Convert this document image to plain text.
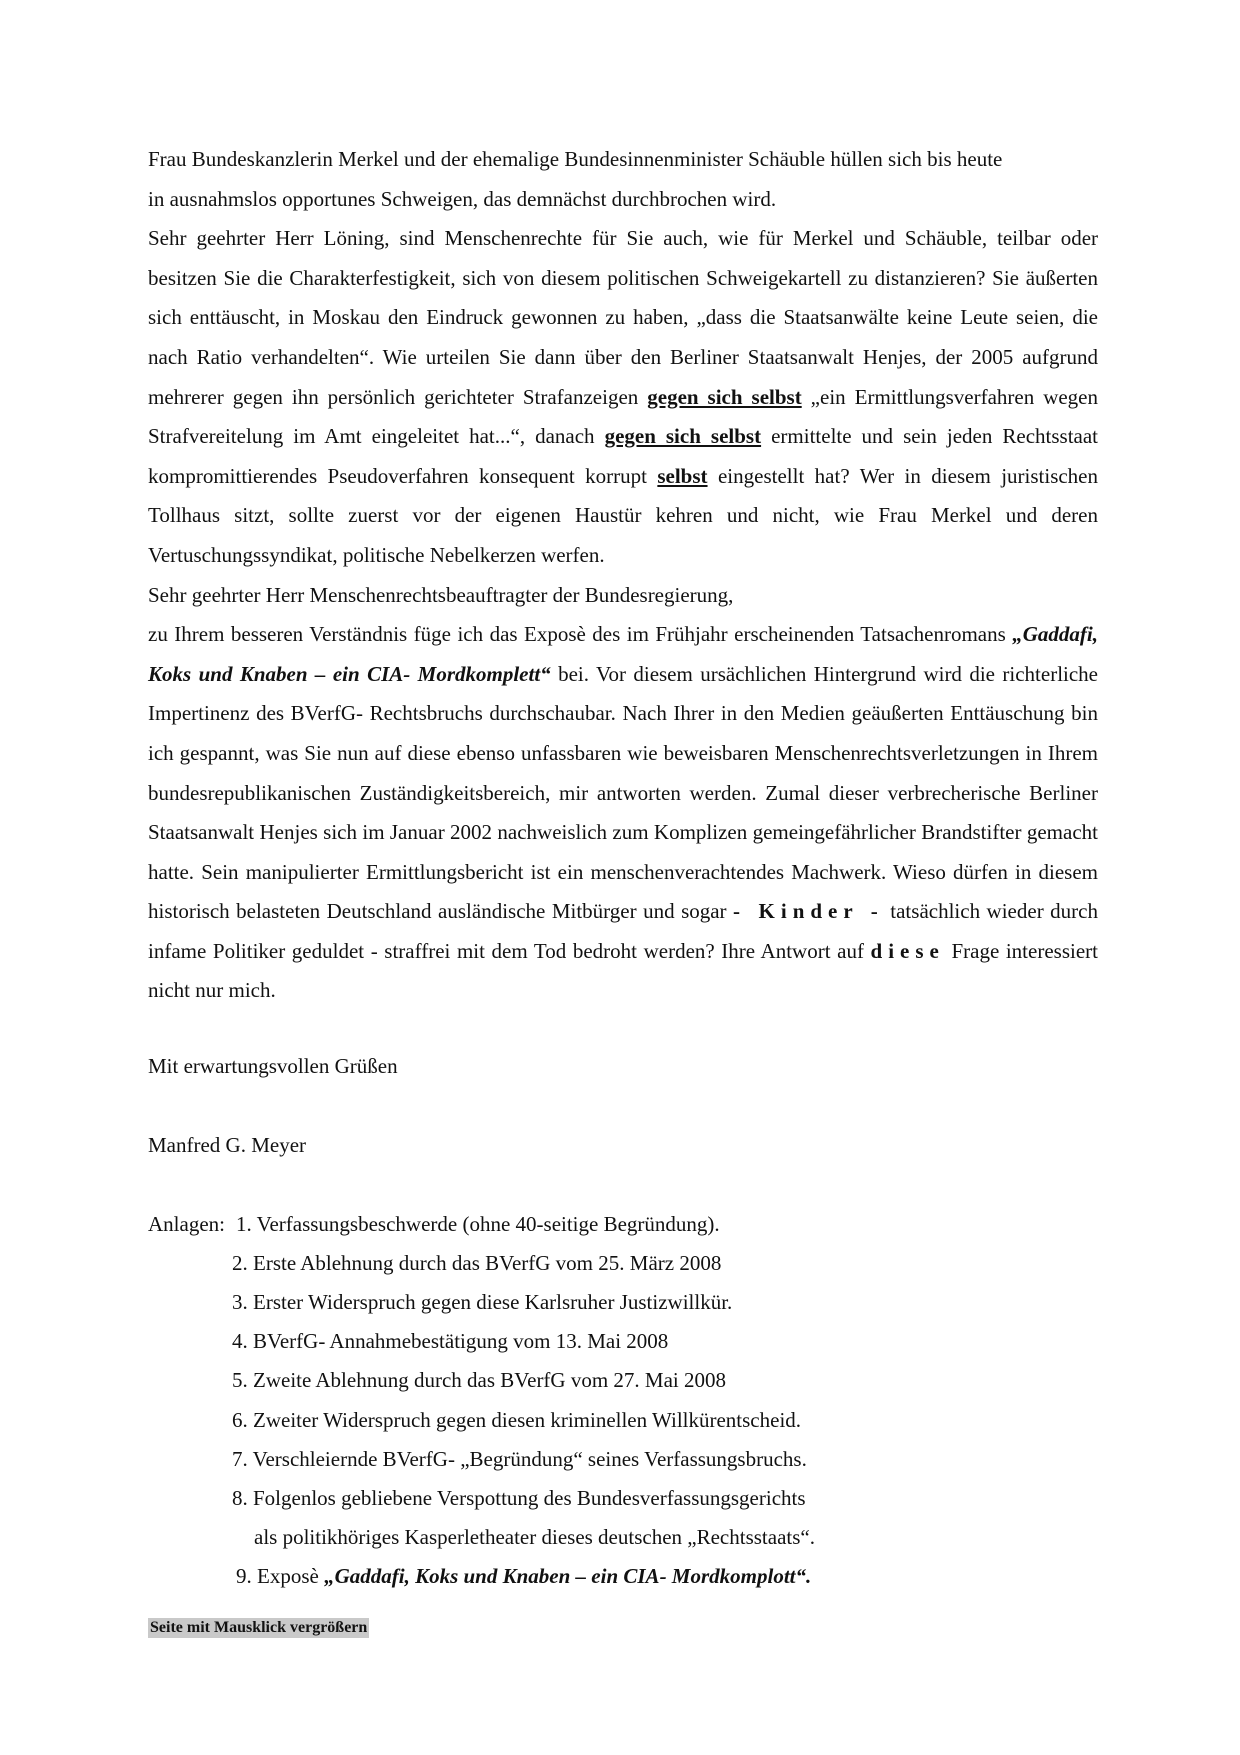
Frau Bundeskanzlerin Merkel und der ehemalige Bundesinnenminister Schäuble hüllen sich bis heute
in ausnahmslos opportunes Schweigen, das demnächst durchbrochen wird.

Sehr geehrter Herr Löning, sind Menschenrechte für Sie auch, wie für Merkel und Schäuble, teilbar oder besitzen Sie die Charakterfestigkeit, sich von diesem politischen Schweigekartell zu distanzieren? Sie äußerten sich enttäuscht, in Moskau den Eindruck gewonnen zu haben, „dass die Staatsanwälte keine Leute seien, die nach Ratio verhandelten“. Wie urteilen Sie dann über den Berliner Staatsanwalt Henjes, der 2005 aufgrund mehrerer gegen ihn persönlich gerichteter Strafanzeigen gegen sich selbst „ein Ermittlungsverfahren wegen Strafvereitelung im Amt eingeleitet hat...“, danach gegen sich selbst ermittelte und sein jeden Rechtsstaat kompromittierendes Pseudoverfahren konsequent korrupt selbst eingestellt hat? Wer in diesem juristischen Tollhaus sitzt, sollte zuerst vor der eigenen Haustür kehren und nicht, wie Frau Merkel und deren Vertuschungssyndikat, politische Nebelkerzen werfen.

Sehr geehrter Herr Menschenrechtsbeauftragter der Bundesregierung,

zu Ihrem besseren Verständnis füge ich das Exposè des im Frühjahr erscheinenden Tatsachenromans „Gaddafi, Koks und Knaben – ein CIA- Mordkomplett“ bei. Vor diesem ursächlichen Hintergrund wird die richterliche Impertinenz des BVerfG- Rechtsbruchs durchschaubar. Nach Ihrer in den Medien geäußerten Enttäuschung bin ich gespannt, was Sie nun auf diese ebenso unfassbaren wie beweisbaren Menschenrechtsverletzungen in Ihrem bundesrepublikanischen Zuständigkeitsbereich, mir antworten werden. Zumal dieser verbrecherische Berliner Staatsanwalt Henjes sich im Januar 2002 nachweislich zum Komplizen gemeingefährlicher Brandstifter gemacht hatte. Sein manipulierter Ermittlungsbericht ist ein menschenverachtendes Machwerk. Wieso dürfen in diesem historisch belasteten Deutschland ausländische Mitbürger und sogar - Kinder - tatsächlich wieder durch infame Politiker geduldet - straffrei mit dem Tod bedroht werden? Ihre Antwort auf diese Frage interessiert nicht nur mich.

Mit erwartungsvollen Grüßen
Manfred G. Meyer
Anlagen: 1. Verfassungsbeschwerde (ohne 40-seitige Begründung).
2. Erste Ablehnung durch das BVerfG vom 25. März 2008
3. Erster Widerspruch gegen diese Karlsruher Justizwillkür.
4. BVerfG- Annahmebestätigung vom 13. Mai 2008
5. Zweite Ablehnung durch das BVerfG vom 27. Mai 2008
6. Zweiter Widerspruch gegen diesen kriminellen Willkürentscheid.
7. Verschleiernde BVerfG- „Begründung“ seines Verfassungsbruchs.
8. Folgenlos gebliebene Verspottung des Bundesverfassungsgerichts
als politikhöriges Kasperletheater dieses deutschen „Rechtsstaats“.
9. Exposè „Gaddafi, Koks und Knaben – ein CIA- Mordkomplott“.
Seite mit Mausklick vergrößern
